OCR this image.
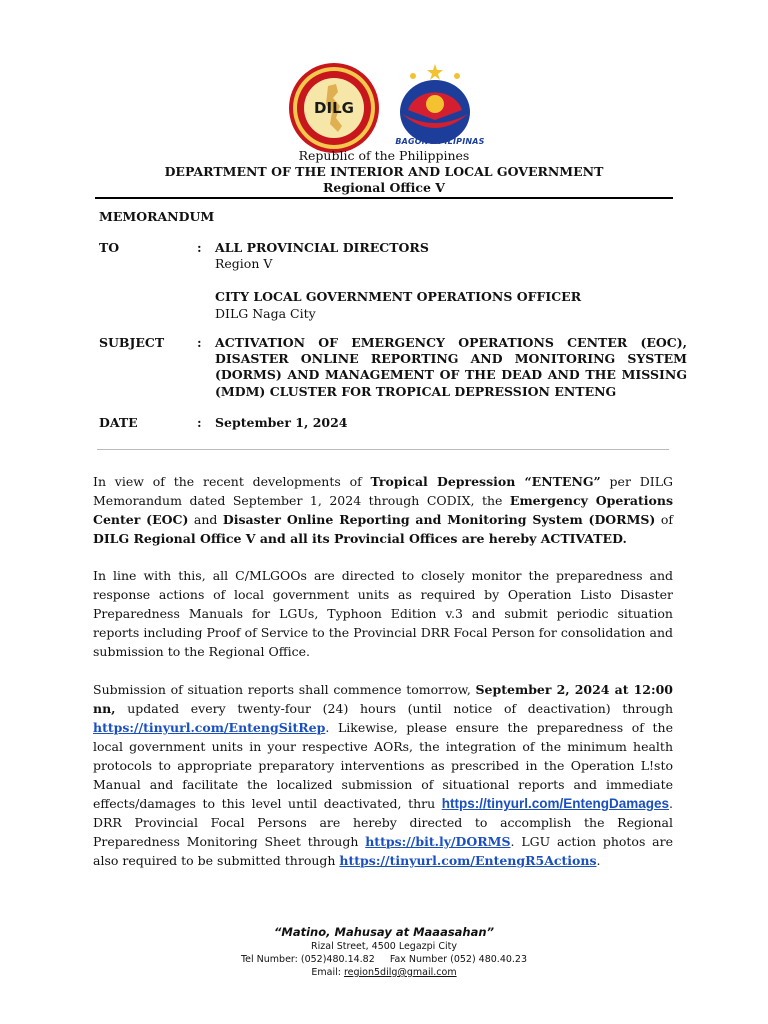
DILG
BAGONG PILIPINAS
Republic of the Philippines
DEPARTMENT OF THE INTERIOR AND LOCAL GOVERNMENT
Regional Office V
MEMORANDUM
TO	: ALL PROVINCIAL DIRECTORS
Region V
CITY LOCAL GOVERNMENT OPERATIONS OFFICER
DILG Naga City
SUBJECT	: ACTIVATION OF EMERGENCY OPERATIONS CENTER (EOC), DISASTER ONLINE REPORTING AND MONITORING SYSTEM (DORMS) AND MANAGEMENT OF THE DEAD AND THE MISSING (MDM) CLUSTER FOR TROPICAL DEPRESSION ENTENG
DATE	: September 1, 2024
In view of the recent developments of Tropical Depression “ENTENG” per DILG Memorandum dated September 1, 2024 through CODIX, the Emergency Operations Center (EOC) and Disaster Online Reporting and Monitoring System (DORMS) of DILG Regional Office V and all its Provincial Offices are hereby ACTIVATED.
In line with this, all C/MLGOOs are directed to closely monitor the preparedness and response actions of local government units as required by Operation Listo Disaster Preparedness Manuals for LGUs, Typhoon Edition v.3 and submit periodic situation reports including Proof of Service to the Provincial DRR Focal Person for consolidation and submission to the Regional Office.
Submission of situation reports shall commence tomorrow, September 2, 2024 at 12:00 nn, updated every twenty-four (24) hours (until notice of deactivation) through https://tinyurl.com/EntengSitRep. Likewise, please ensure the preparedness of the local government units in your respective AORs, the integration of the minimum health protocols to appropriate preparatory interventions as prescribed in the Operation L!sto Manual and facilitate the localized submission of situational reports and immediate effects/damages to this level until deactivated, thru https://tinyurl.com/EntengDamages. DRR Provincial Focal Persons are hereby directed to accomplish the Regional Preparedness Monitoring Sheet through https://bit.ly/DORMS. LGU action photos are also required to be submitted through https://tinyurl.com/EntengR5Actions.
“Matino, Mahusay at Maaasahan”
Rizal Street, 4500 Legazpi City
Tel Number: (052)480.14.82     Fax Number (052) 480.40.23
Email: region5dilg@gmail.com
